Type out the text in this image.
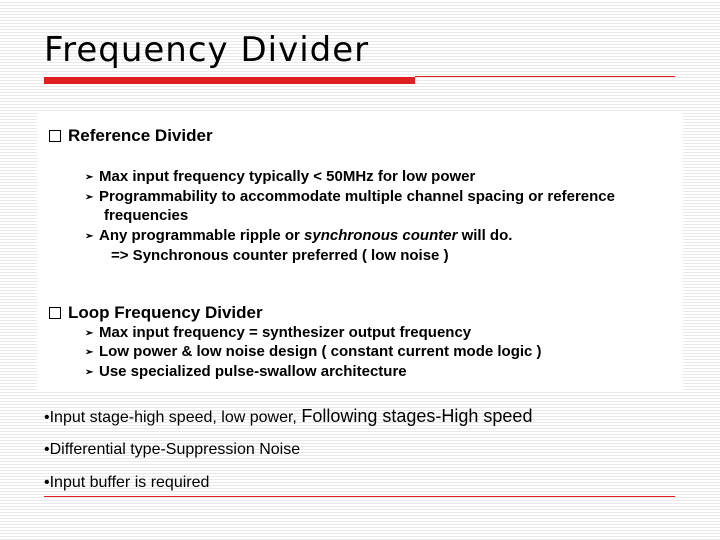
Frequency Divider
Reference Divider
➢ Max input frequency typically < 50MHz for low power
➢ Programmability to accommodate multiple channel spacing or reference
frequencies
➢ Any programmable ripple or synchronous counter will do.
=> Synchronous counter preferred ( low noise )
Loop Frequency Divider
➢ Max input frequency = synthesizer output frequency
➢ Low power & low noise design ( constant current mode logic )
➢ Use specialized pulse-swallow architecture
•Input stage-high speed, low power, Following stages-High speed
•Differential type-Suppression Noise
•Input buffer is required
